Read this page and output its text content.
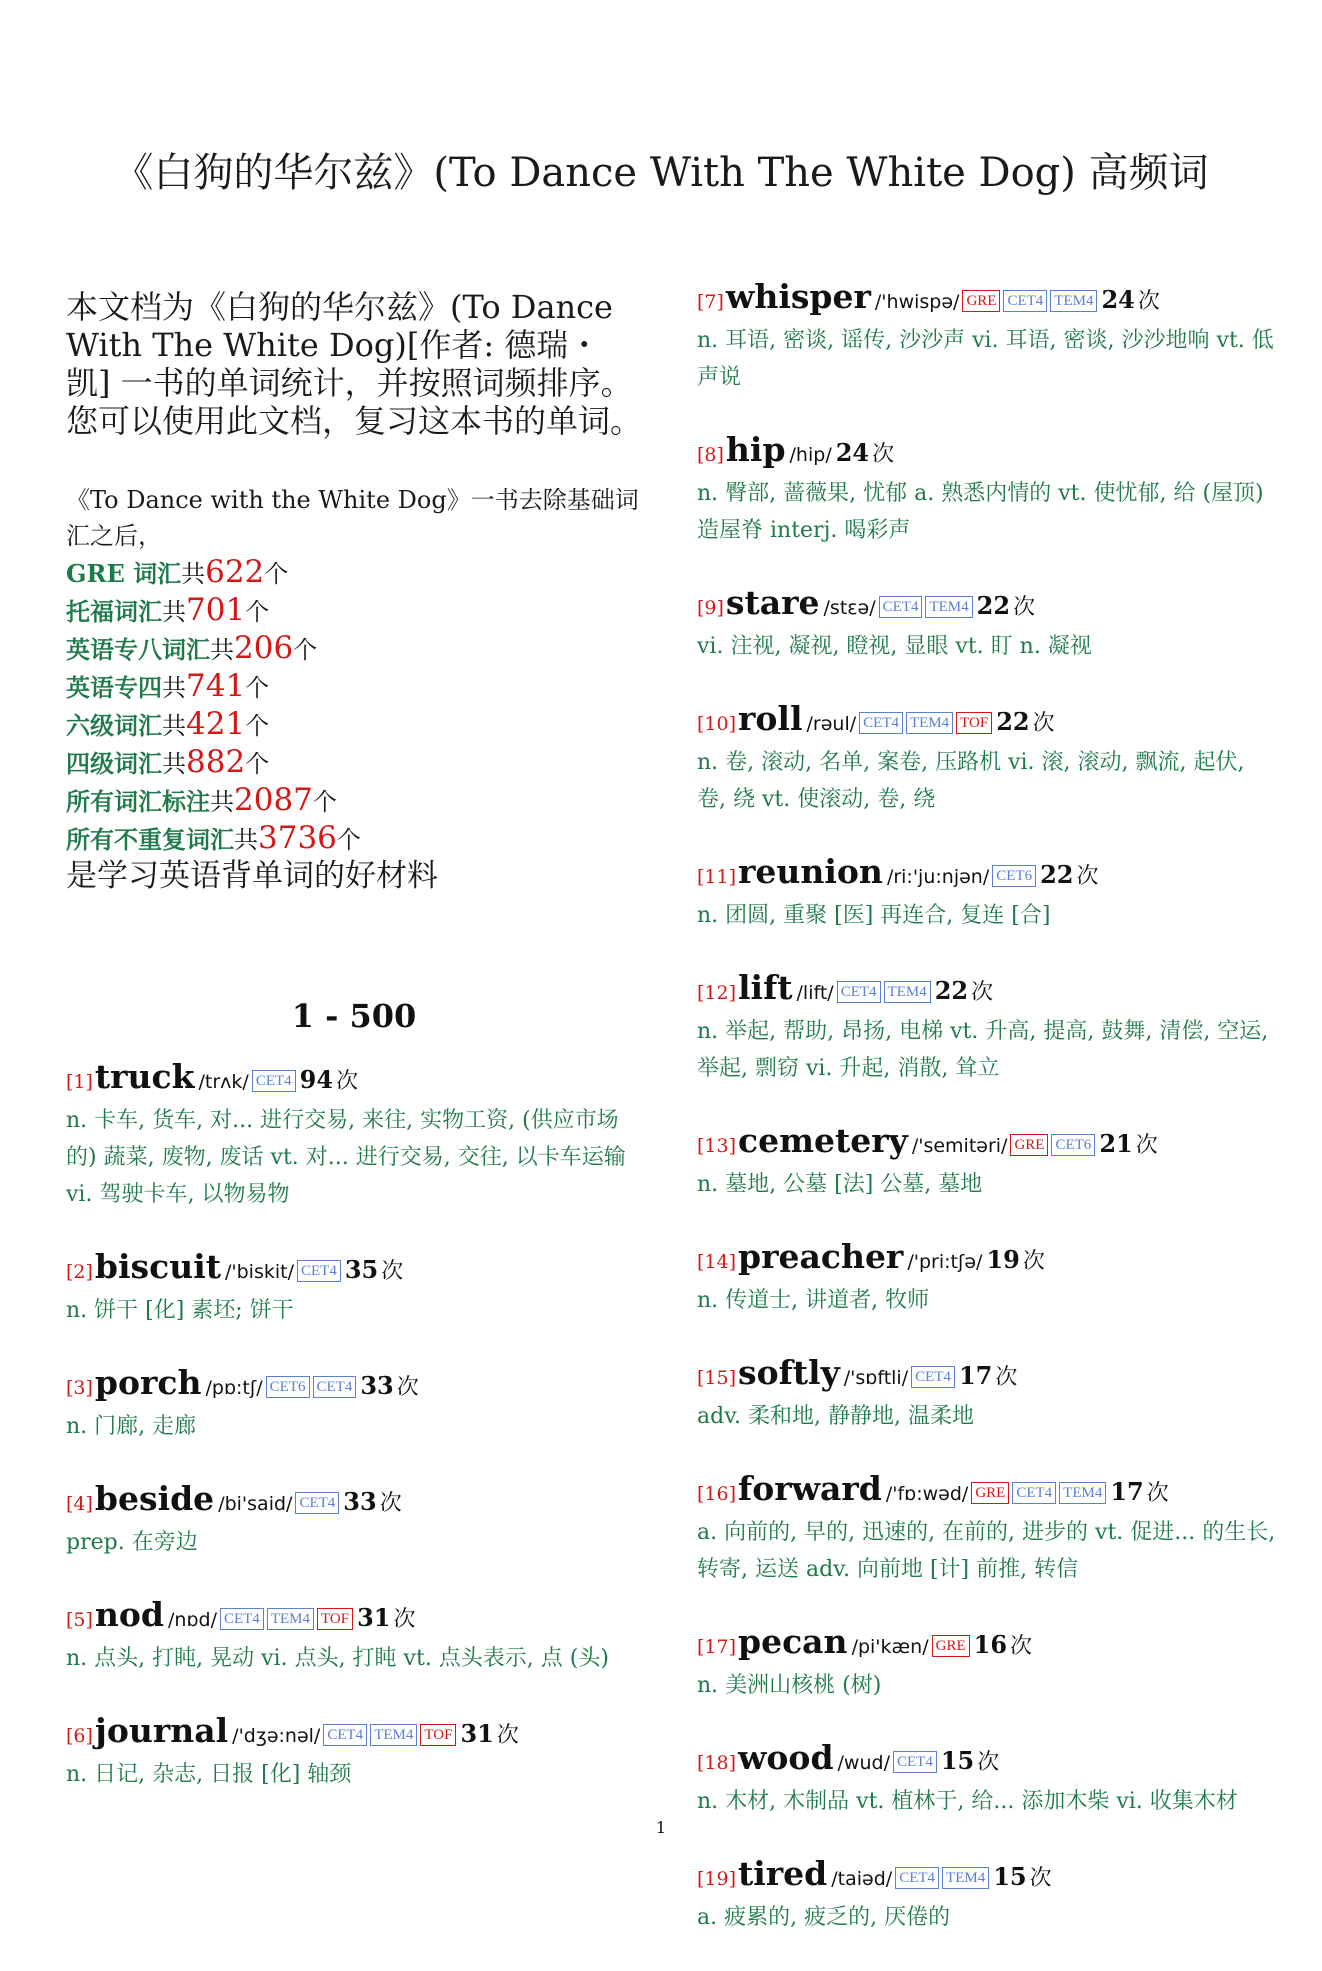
《白狗的华尔兹》(To Dance With The White Dog) 高频词
本文档为《白狗的华尔兹》(To Dance With The White Dog)[作者: 德瑞・凯] 一书的单词统计，并按照词频排序。您可以使用此文档，复习这本书的单词。
《To Dance with the White Dog》一书去除基础词汇之后，
GRE 词汇共622个
托福词汇共701个
英语专八词汇共206个
英语专四共741个
六级词汇共421个
四级词汇共882个
所有词汇标注共2087个
所有不重复词汇共3736个
是学习英语背单词的好材料
1 - 500
[1]truck /trʌk/ CET4 94 次
n. 卡车, 货车, 对... 进行交易, 来往, 实物工资, (供应市场的) 蔬菜, 废物, 废话 vt. 对... 进行交易, 交往, 以卡车运输 vi. 驾驶卡车, 以物易物
[2]biscuit /'biskit/ CET4 35 次
n. 饼干 [化] 素坯; 饼干
[3]porch /pɒ:tʃ/ CET6 CET4 33 次
n. 门廊, 走廊
[4]beside /bi'said/ CET4 33 次
prep. 在旁边
[5]nod /nɒd/ CET4 TEM4 TOF 31 次
n. 点头, 打盹, 晃动 vi. 点头, 打盹 vt. 点头表示, 点 (头)
[6]journal /'dʒə:nəl/ CET4 TEM4 TOF 31 次
n. 日记, 杂志, 日报 [化] 轴颈
[7]whisper /'hwispə/ GRE CET4 TEM4 24 次
n. 耳语, 密谈, 谣传, 沙沙声 vi. 耳语, 密谈, 沙沙地响 vt. 低声说
[8]hip /hip/ 24 次
n. 臀部, 蔷薇果, 忧郁 a. 熟悉内情的 vt. 使忧郁, 给 (屋顶) 造屋脊 interj. 喝彩声
[9]stare /stεə/ CET4 TEM4 22 次
vi. 注视, 凝视, 瞪视, 显眼 vt. 盯 n. 凝视
[10]roll /rəul/ CET4 TEM4 TOF 22 次
n. 卷, 滚动, 名单, 案卷, 压路机 vi. 滚, 滚动, 飘流, 起伏, 卷, 绕 vt. 使滚动, 卷, 绕
[11]reunion /ri:'ju:njən/ CET6 22 次
n. 团圆, 重聚 [医] 再连合, 复连 [合]
[12]lift /lift/ CET4 TEM4 22 次
n. 举起, 帮助, 昂扬, 电梯 vt. 升高, 提高, 鼓舞, 清偿, 空运, 举起, 剽窃 vi. 升起, 消散, 耸立
[13]cemetery /'semitəri/ GRE CET6 21 次
n. 墓地, 公墓 [法] 公墓, 墓地
[14]preacher /'pri:tʃə/ 19 次
n. 传道士, 讲道者, 牧师
[15]softly /'sɒftli/ CET4 17 次
adv. 柔和地, 静静地, 温柔地
[16]forward /'fɒ:wəd/ GRE CET4 TEM4 17 次
a. 向前的, 早的, 迅速的, 在前的, 进步的 vt. 促进... 的生长, 转寄, 运送 adv. 向前地 [计] 前推, 转信
[17]pecan /pi'kæn/ GRE 16 次
n. 美洲山核桃 (树)
[18]wood /wud/ CET4 15 次
n. 木材, 木制品 vt. 植林于, 给... 添加木柴 vi. 收集木材
[19]tired /taiəd/ CET4 TEM4 15 次
a. 疲累的, 疲乏的, 厌倦的
1
